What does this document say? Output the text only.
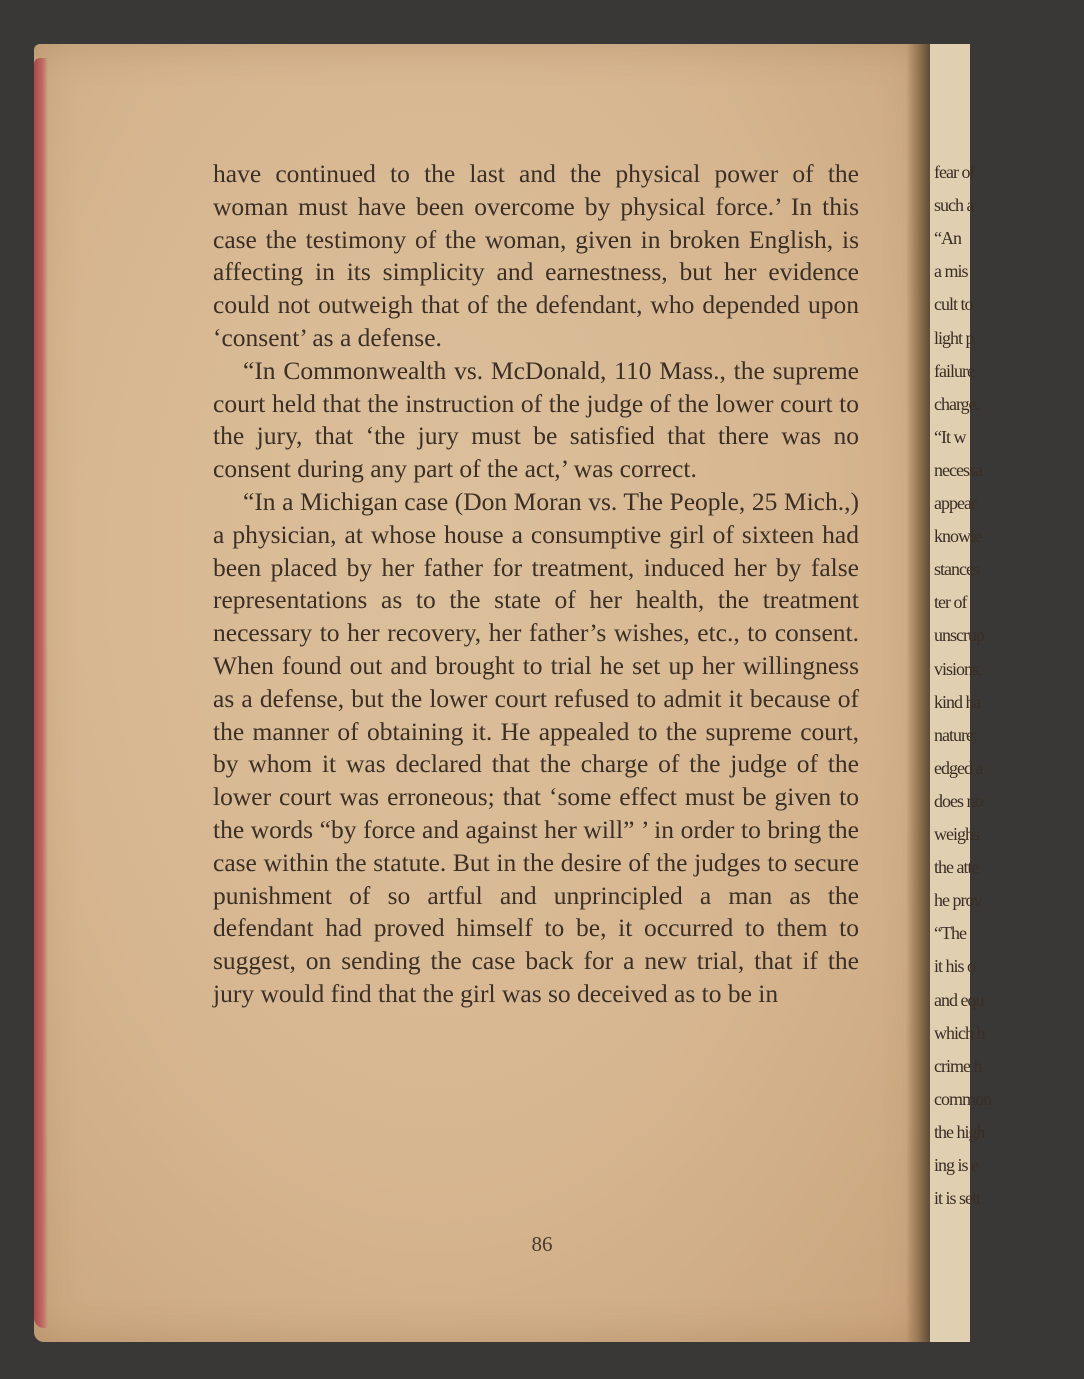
fear of
such a
“An
a mis
cult to
light p
failure
charge.
“It w
necessa
appear
knowle
stances
ter of
unscrup
visions,
kind ha
nature;
edged a
does no
weighs
the atte
he prov
“The
it his o
and equ
which h
crime h
common
the high
ing is e
it is sett

have continued to the last and the physical power of the woman must have been overcome by physical force.’ In this case the testimony of the woman, given in broken English, is affecting in its simplicity and earnestness, but her evidence could not outweigh that of the defendant, who depended upon ‘consent’ as a defense.

“In Commonwealth vs. McDonald, 110 Mass., the supreme court held that the instruction of the judge of the lower court to the jury, that ‘the jury must be satisfied that there was no consent during any part of the act,’ was correct.

“In a Michigan case (Don Moran vs. The People, 25 Mich.,) a physician, at whose house a consumptive girl of sixteen had been placed by her father for treatment, induced her by false representations as to the state of her health, the treatment necessary to her recovery, her father’s wishes, etc., to consent. When found out and brought to trial he set up her willingness as a defense, but the lower court refused to admit it because of the manner of obtaining it. He appealed to the supreme court, by whom it was declared that the charge of the judge of the lower court was erroneous; that ‘some effect must be given to the words “by force and against her will” ’ in order to bring the case within the statute. But in the desire of the judges to secure punishment of so artful and unprincipled a man as the defendant had proved himself to be, it occurred to them to suggest, on sending the case back for a new trial, that if the jury would find that the girl was so deceived as to be in

86
